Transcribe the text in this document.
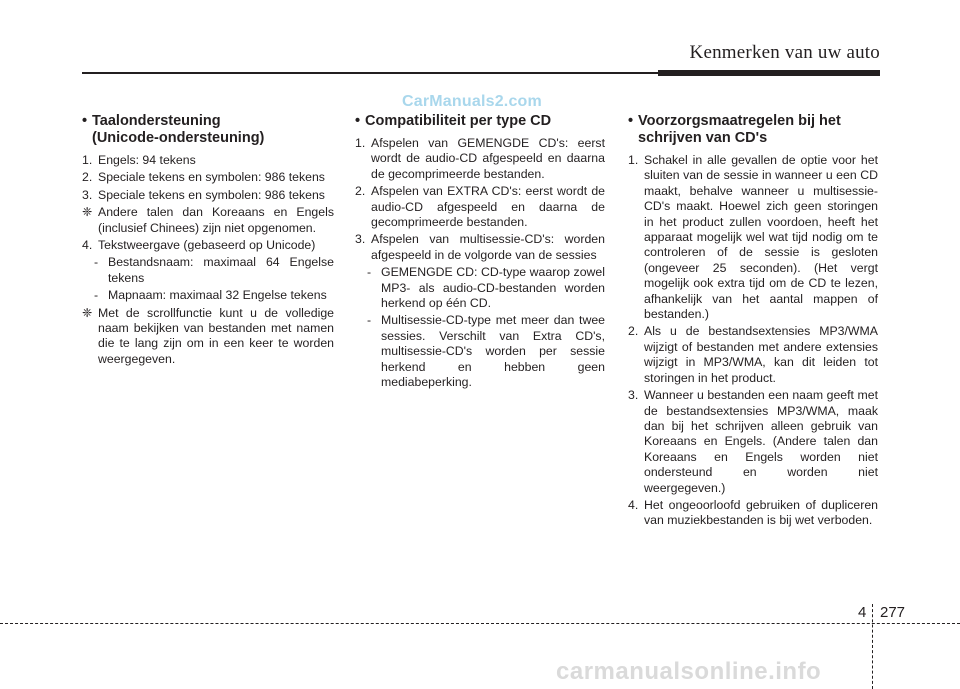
Kenmerken van uw auto
CarManuals2.com
• Taalondersteuning
(Unicode-ondersteuning)
1. Engels: 94 tekens
2. Speciale tekens en symbolen: 986 tekens
3. Speciale tekens en symbolen: 986 tekens
❈ Andere talen dan Koreaans en Engels (inclusief Chinees) zijn niet opgenomen.
4. Tekstweergave (gebaseerd op Unicode)
- Bestandsnaam: maximaal 64 Engelse tekens
- Mapnaam: maximaal 32 Engelse tekens
❈ Met de scrollfunctie kunt u de volledige naam bekijken van bestanden met namen die te lang zijn om in een keer te worden weergegeven.
• Compatibiliteit per type CD
1. Afspelen van GEMENGDE CD's: eerst wordt de audio-CD afgespeeld en daarna de gecomprimeerde bestanden.
2. Afspelen van EXTRA CD's: eerst wordt de audio-CD afgespeeld en daarna de gecomprimeerde bestanden.
3. Afspelen van multisessie-CD's: worden afgespeeld in de volgorde van de sessies
- GEMENGDE CD: CD-type waarop zowel MP3- als audio-CD-bestanden worden herkend op één CD.
- Multisessie-CD-type met meer dan twee sessies. Verschilt van Extra CD's, multisessie-CD's worden per sessie herkend en hebben geen mediabeperking.
• Voorzorgsmaatregelen bij het
schrijven van CD's
1. Schakel in alle gevallen de optie voor het sluiten van de sessie in wanneer u een CD maakt, behalve wanneer u multisessie-CD's maakt. Hoewel zich geen storingen in het product zullen voordoen, heeft het apparaat mogelijk wel wat tijd nodig om te controleren of de sessie is gesloten (ongeveer 25 seconden). (Het vergt mogelijk ook extra tijd om de CD te lezen, afhankelijk van het aantal mappen of bestanden.)
2. Als u de bestandsextensies MP3/WMA wijzigt of bestanden met andere extensies wijzigt in MP3/WMA, kan dit leiden tot storingen in het product.
3. Wanneer u bestanden een naam geeft met de bestandsextensies MP3/WMA, maak dan bij het schrijven alleen gebruik van Koreaans en Engels. (Andere talen dan Koreaans en Engels worden niet ondersteund en worden niet weergegeven.)
4. Het ongeoorloofd gebruiken of dupliceren van muziekbestanden is bij wet verboden.
4 277
carmanualsonline.info
